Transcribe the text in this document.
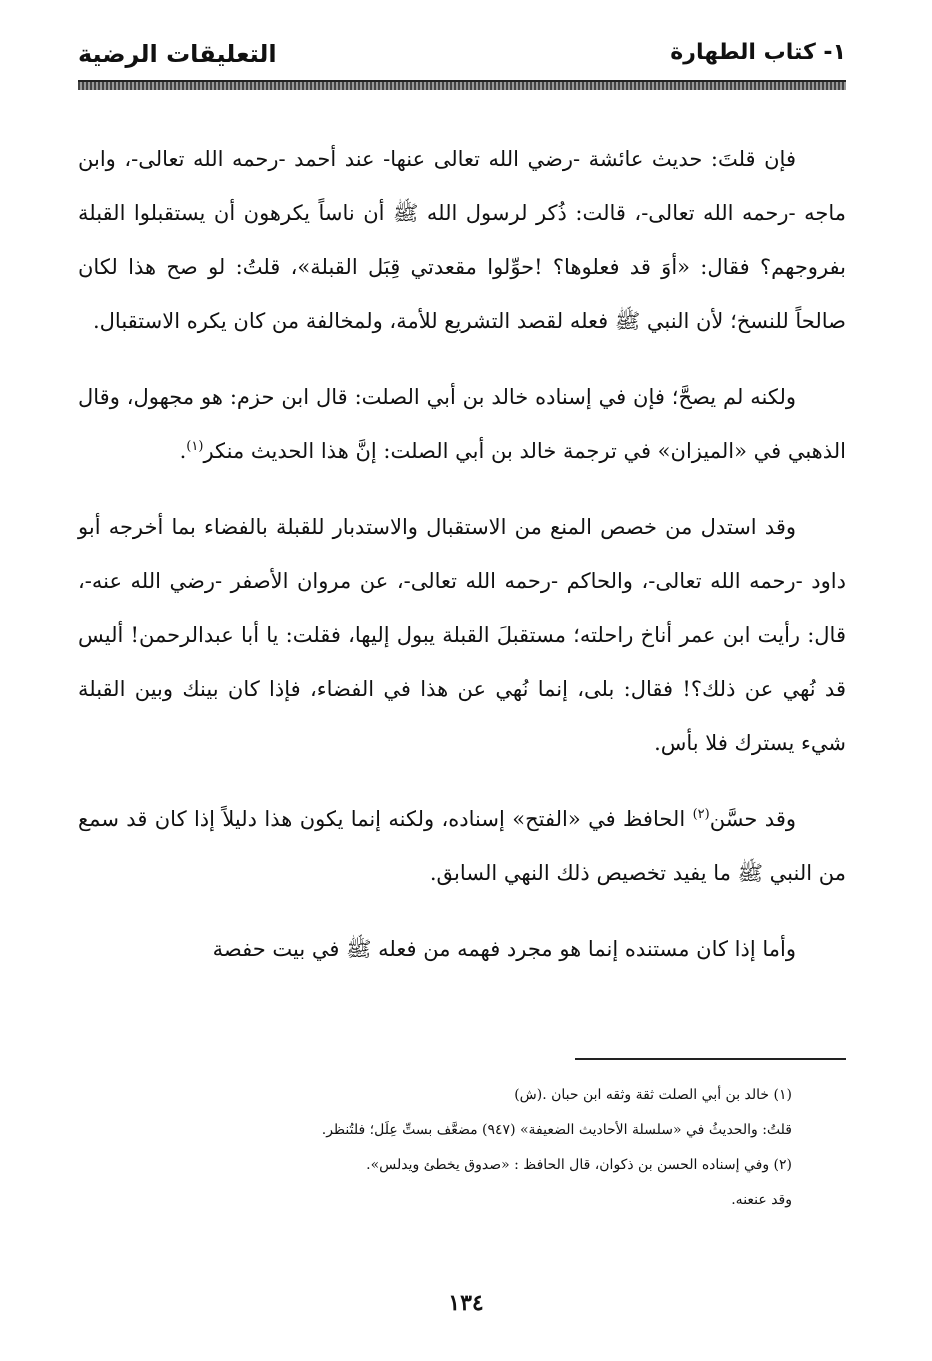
١- كتاب الطهارة
التعليقات الرضية

فإن قلتَ: حديث عائشة -رضي الله تعالى عنها- عند أحمد -رحمه الله تعالى-، وابن ماجه -رحمه الله تعالى-، قالت: ذُكر لرسول الله ﷺ أن ناساً يكرهون أن يستقبلوا القبلة بفروجهم؟ فقال: «أوَ قد فعلوها؟ !حوِّلوا مقعدتي قِبَل القبلة»، قلتُ: لو صح هذا لكان صالحاً للنسخ؛ لأن النبي ﷺ فعله لقصد التشريع للأمة، ولمخالفة من كان يكره الاستقبال.

ولكنه لم يصحَّ؛ فإن في إسناده خالد بن أبي الصلت: قال ابن حزم: هو مجهول، وقال الذهبي في «الميزان» في ترجمة خالد بن أبي الصلت: إنَّ هذا الحديث منكر$^{(١)}$.

وقد استدل من خصص المنع من الاستقبال والاستدبار للقبلة بالفضاء بما أخرجه أبو داود -رحمه الله تعالى-، والحاكم -رحمه الله تعالى-، عن مروان الأصفر -رضي الله عنه-، قال: رأيت ابن عمر أناخ راحلته؛ مستقبلَ القبلة يبول إليها، فقلت: يا أبا عبدالرحمن! أليس قد نُهي عن ذلك؟! فقال: بلى، إنما نُهي عن هذا في الفضاء، فإذا كان بينك وبين القبلة شيء يسترك فلا بأس.

وقد حسَّن$^{(٢)}$ الحافظ في «الفتح» إسناده، ولكنه إنما يكون هذا دليلاً إذا كان قد سمع من النبي ﷺ ما يفيد تخصيص ذلك النهي السابق.

وأما إذا كان مستنده إنما هو مجرد فهمه من فعله ﷺ في بيت حفصة

(١) خالد بن أبي الصلت ثقة وثقه ابن حبان .(ش)
قلتُ: والحديثُ في «سلسلة الأحاديث الضعيفة» (٩٤٧) مضعَّف بستِّ عِلَل؛ فلتُنظر.
(٢) وفي إسناده الحسن بن ذكوان، قال الحافظ : «صدوق يخطئ ويدلس».
وقد عنعنه.
١٣٤
